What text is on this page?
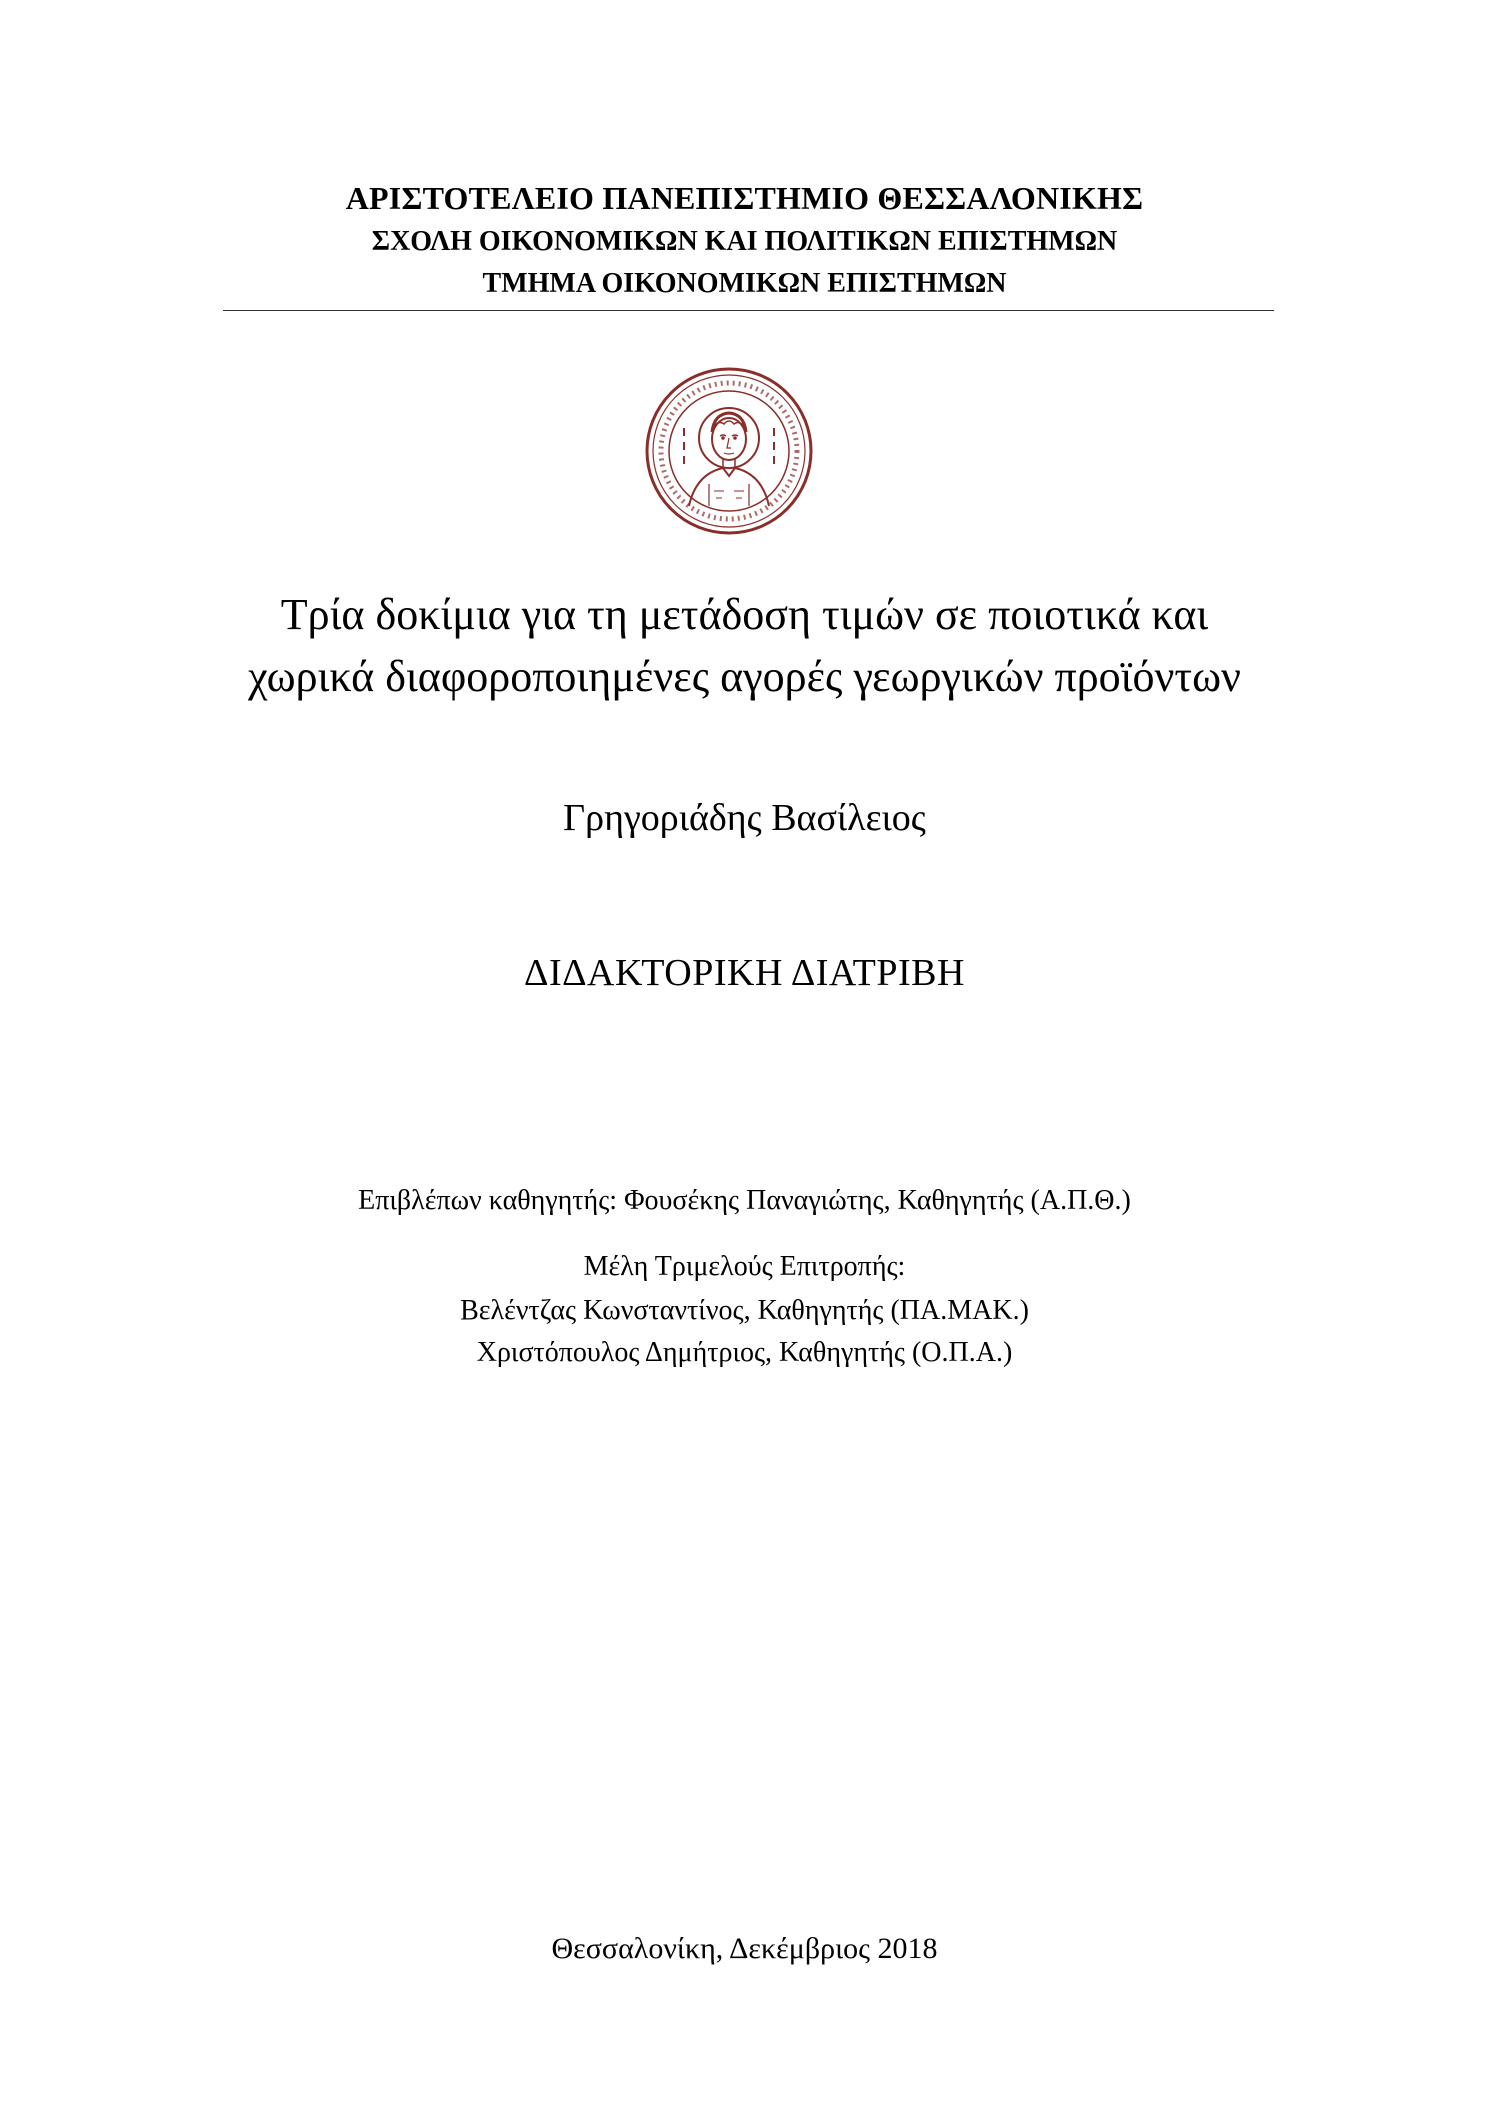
ΑΡΙΣΤΟΤΕΛΕΙΟ ΠΑΝΕΠΙΣΤΗΜΙΟ ΘΕΣΣΑΛΟΝΙΚΗΣ
ΣΧΟΛΗ ΟΙΚΟΝΟΜΙΚΩΝ ΚΑΙ ΠΟΛΙΤΙΚΩΝ ΕΠΙΣΤΗΜΩΝ
ΤΜΗΜΑ ΟΙΚΟΝΟΜΙΚΩΝ ΕΠΙΣΤΗΜΩΝ
Τρία δοκίμια για τη μετάδοση τιμών σε ποιοτικά και
χωρικά διαφοροποιημένες αγορές γεωργικών προϊόντων
Γρηγοριάδης Βασίλειος
ΔΙΔΑΚΤΟΡΙΚΗ ΔΙΑΤΡΙΒΗ
Επιβλέπων καθηγητής: Φουσέκης Παναγιώτης, Καθηγητής (Α.Π.Θ.)
Μέλη Τριμελούς Επιτροπής:
Βελέντζας Κωνσταντίνος, Καθηγητής (ΠΑ.ΜΑΚ.)
Χριστόπουλος Δημήτριος, Καθηγητής (Ο.Π.Α.)
Θεσσαλονίκη, Δεκέμβριος 2018
